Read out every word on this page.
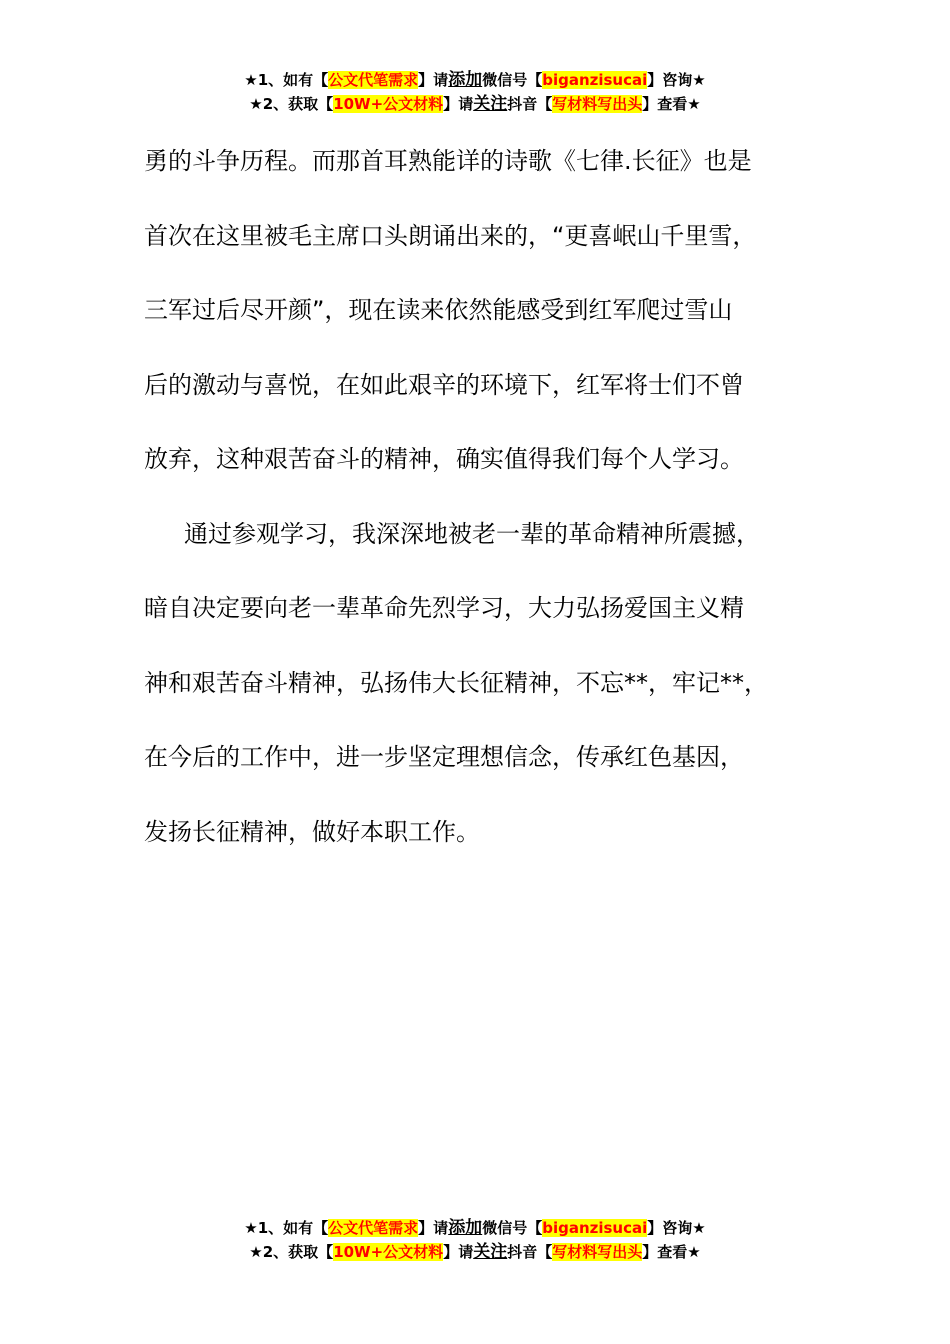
★1、如有【公文代笔需求】请添加微信号【biganzisucai】咨询★
★2、获取【10W+公文材料】请关注抖音【写材料写出头】查看★

勇的斗争历程。而那首耳熟能详的诗歌《七律.长征》也是
首次在这里被毛主席口头朗诵出来的，“更喜岷山千里雪，
三军过后尽开颜”，现在读来依然能感受到红军爬过雪山
后的激动与喜悦，在如此艰辛的环境下，红军将士们不曾
放弃，这种艰苦奋斗的精神，确实值得我们每个人学习。

通过参观学习，我深深地被老一辈的革命精神所震撼，
暗自决定要向老一辈革命先烈学习，大力弘扬爱国主义精
神和艰苦奋斗精神，弘扬伟大长征精神，不忘**，牢记**，
在今后的工作中，进一步坚定理想信念，传承红色基因，
发扬长征精神，做好本职工作。

★1、如有【公文代笔需求】请添加微信号【biganzisucai】咨询★
★2、获取【10W+公文材料】请关注抖音【写材料写出头】查看★
